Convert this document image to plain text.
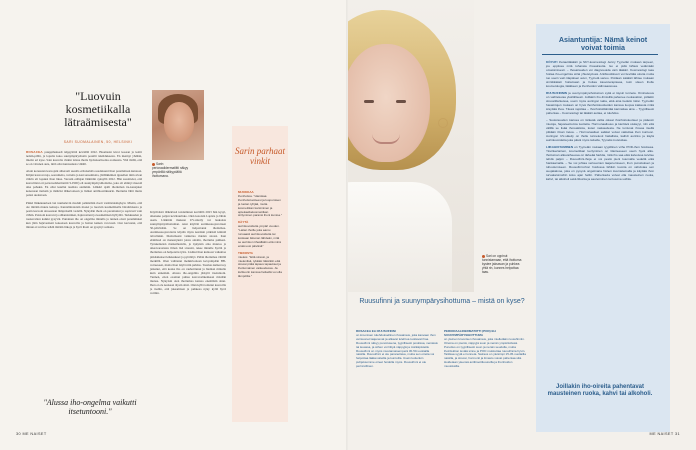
"Luovuin kosmetiikalla lätraämisesta"
SARI SUOMALAINEN, 50, HELSINKI

ROSACEA puuppiheksedi näppylöitä keväällä 2022. Huomasin kivoi kosaan ja koltti nenän-pilliä, ja lopulta koko suunympäryshotin pounlit tulehduksesta. En mennyt yhdään, mietin eri kyse. Sain kasvelta vinkin lantaa ihoile hydrokortisonia-voideesta. Yhä täällä, että se on virtanen auta, niitä olisi kuntoutusta vähäll.

Aloin kotesuten kasvojani aliteraali usealla erilaiselalla saadakseni ihon paremmaan kuntoon. Kilpin kasvoveroja, seerumeita, voiteita ja kasvonaamioita, jäälläkkimen igusellen iniin aivan väärin eli lopuksi ihon likaa. Varasin etälajan lääkäriin syksyllä 2022. Hän suosittelei, että kasvolilani eri perioraalidermatiiti S-POD) eli suunympärysihottuma, joka oli ehtinyt meesiä aika pahaksi. En ollut kuullut taudista aiemmin. Lääkäri ajalli ihottuman ita-kanajaksi kokonaan tiemain ja määräsi lääkevoiteen ja lisäksi antibioottikuurin. Ihottuma lähti mutta palasi uudestaan.

Pinkä lääkekuurisen lan tuumelevin moduli pelkästään riseit varmistaisikykysi. Mietin, että ole mitään muuta keinoja. Kuntalintaloisin monet ja luovuin kosmetiikalla lätraämisesta ja pesin kasvoni ainoastaan lämpöisellä vedellä. Nykyään ihoni on parantunut ja sopivasti vain vähän. Poistoin kasvoni ja alhansisäinen, hajuvesiteni ja kosmetiikan hyllyiltä. Tarkkuuden ja ruokavalion kaikki pysyvät. Punainen iho on ongelma minulla ja tunnen oloni paremmaksi kun jätin hajuvesiteni kokonaan kasvoilta ja hoitan kaiken varovasti. Oon kasvanut, että minun ei tarvitse tehdä mitään liikoja ja hyvä ihoni on pysynyt samana.

"Alussa iho-ongelma vaikutti itsetuntooni."
Sarin perioraalidermatiitti näkyy ympärillä nälkyydältä ihottumana.

Käytävästä lääkärissä toistuminen keväällä 2023 hän kysyi, alkaneko paljon kevätaurinko. Olen kotoisin Lapista ja lähde usein. Lääkärin mukaan UV-säteily voi laukaista suunympärysihottuman. Aion käyttää aurinkosuojavoiteen 50-päivinään. Se on helpottanut ihottumaa. Aurinkosuojavoitetta käytän myös kesäisin pitkästä kiinniä talvellakin. Ihottumaani vaikuttaa mielen stressi. Kun elämässä on menestyksiä joista antalin, ihottuma puhkesi. Työskentelen matkailualalla, ja nykyisin aina muutos ja aikaavarastusta ilman lisä stressiä, tekee minulle hyvää ja ihottumaa on helpotettu tytös. Lisäksi ihon kuntoon vaikuttaa pitkäaikaiset leikkaukset ja pyöräilyt. Pidän ihottumaa vihillä merkillä. Olen vaihtanut meikkivoiteen kevyempään BB-voiteeseen, mutta ihon näytä niin puhdas. Tuomas kulkevaoy jatkanut, että koska iho on rauhoittunut ja hieman minulle kuin ennenkin. Alussa iho-ongelma järkytti itsetuntoni. Tunnen, etten osannut puhua kasvovelikenkaan mistään munaa. Nykyisin olen ihottumaa kanssa enemmän sinut. Ihon ei ole koskaan täysin siisti. Olen kyllä tottunut kasvoilla ja tiedän, että jaksamisen ja puhkeaa nyky kyllä hyvä voimin.

Sarin parhaat vinkit

MUOKKAA
ihonhoitoa. "Hanskaa ihonhoitotuotteesi ja luopumisen ja luotan tyhjää, mutta kosmetiikan karsiminen ja aptekaelkekosmetiikan siirtyminen paransi ihoni kuntoa."

KÄYTÄ
aurinkovoidetta ympäri vuoden. "Laitan ihoille joka aamu runsaasti aurinkovoidetta tai koskaan ikkunan lähdeän, mitä se aurinkon tiheälläkin että minä enää uusi päivänä"

TIEDOSTA
mielesi. "Että stressi, ja mielenlisä, tykkää: läkärkiin että stressi pitää tapaus tapaukset ja ihottumainen vaikeudessa. Ja kulttuurin kanssa hetkellä voi olla lämpötila."

30 ME NAISET
Sari on oppinut tunnistamaan, että ihottuma kystee jaksavan ja puhkea yhtä rin, kunnes helpottaa taas.
Ruusufinni ja suunympärysihottuma – mistä on kyse?

ROSACEA ELI RUUSUFINNI
on kroonisen tulehduksellinen ihosairaus, joka kasvaen ihon verisuonet laajenevat ja alkavat tulehtua tuottavat ihoa. Ruusufinni näkyy punoitusena, tyypillisesti poskissa, nenässä tai leuassa, ja siihen voi liittyä näppyjä ja märkäpisteitä. Ruusufinni on myös muutamaisemperä 30-50-vuotiailla naisilla. Ruusufinni ei ole paranettava, mutta sen oireita voi helpottaa lääkevoiteilla ja kuntoilla. Usein kuitenkin puhjeksomme oireet hoidolla myös. Ruusufinni ei ole perinnöllinen.

PERIORAALIDERMATIITTI (POD) ELI SUUNYMPÄRYSIHOTTUMA
on yleinen kroonisen ihosairaus, joka mielletään ruusufinniin. Oireina on pieniä, näppyjä suun ja nenän ympäristössä. Punoitus on tyypillisesti suun ja nenän seudulla, mutta ihoinfektion leviää sinne ja POD muistuttaa ruusufinnia hyvin. Tarkkaa syytä ei tunneta. Sairaus on yleisimpi 15-45-vuotiailla naisilla, ja stressi, hormonit ja ilmasto voivat pahentaa sitä. Hoidetaan yleensä antibioottikuureilla ja ihonhoidon muutoksilla.

Asiantuntija: Nämä keinot voivat toimia

KÖYHTI ihotautilääkäri ja SKY-kosmetologi Jenny Tyynelän mukaan tarpeen, jos eppiissa mitä tuhansia ihosairautta. Iso ei pidä lähteä vetämään omatoimisesti. – Ihosairauden voi diagnosoida vain lääkäri. Kosmetologi taas hoitaa iho-ongelmia siinä yhteistyössä. Antibioottikuuri voi lievittää oireita mutta tuo usein vain tilapäisen avun, Tyynelä sanoo. Potilaan Lääkäri lähtee mukaan sinnikkäästi hoitamaan ja hoitaa kasvoterapiassa, kuin siteen iholle kosmetologia, lääkkeen ja ihonhoidon välimaastossa.

RUUSUFINNIN ja suunympärysihottuman syitä ei täysin tunneta. Ominaisuus on vaihtelevaa yksilöllisesti. Joillakin iho-ihmisillä pahenee ruokavalion, joillakin stressitilanteissa, usein myös auringon takia, eikä aina tiedetä miksi. Tyynelän havaintojen mukaan on hyvä ihonhoitotuotteiden kanssa luopua kaikesta mikä ärsyttää ihoa. Tässä rajoittaa – Ihonhoitoliitäntää kannattaa aina – Tyypillisesti pahentaa – Kosmetologi tai lääkäri auttaa, ei tulehdus.

– Suoloisuuden kanssa on tärkeää valita oikeat ihonhoitotuotteet ja pääosin mietoja, hajusteettomia tuotteita. Hormonaalisuus ja kiertävä sisäsyyt, niin että välillä se lisää ihoreaktiota, kuten raskaudesta. Ne tuntuvat ihossa itsellä pitkään ilman tietoa. – Hormonaaliset saikkel voivat vaikuttaa ihon kuntoon. Auringon UV-säteily on iholle tunnetusti haitallista, kaihdi aurinko ja käytä aurinkovoidetta joka päivä myös talvella, Tyynelä muistuttaa.

LIIKAHOITAMINEN on Tyynelän mukaan tyypillinen virhe POD-ihon hoidossa. Yksinkertainen, kosmetiikan kertyminen on tilanteeseen usein hyvä alku. Ihottuman alkuvaiheessa on tärkeää harkita, mitä iho saa eikä kaivoissa tarvitse tehdä paljon – Ruusufinni-ihoja ei voi pestä pieni kuumalla vedellä eikä hankaamalla. – Se voi johtaa verisuonien laajenemiseen, ihon punoituksen ja tuhoutumiseen. Ruusufinni-ihon hoidossa lähikin tuvoita on vahvistaa sen suojakalvoa, joka on pysyvä ongelmana hänen kuuntelemalla ja käyttää ihon turvakarsinoihin koko ajan hellin. Pahentavia voivat olla mausteinen ruoka, kahvi, tai alkoholi sekä liikunta ja saunominen tai kuuma suihku.

Joillakin iho-oireita pahentavat mausteinen ruoka, kahvi tai alkoholi.
ME NAISET 31
